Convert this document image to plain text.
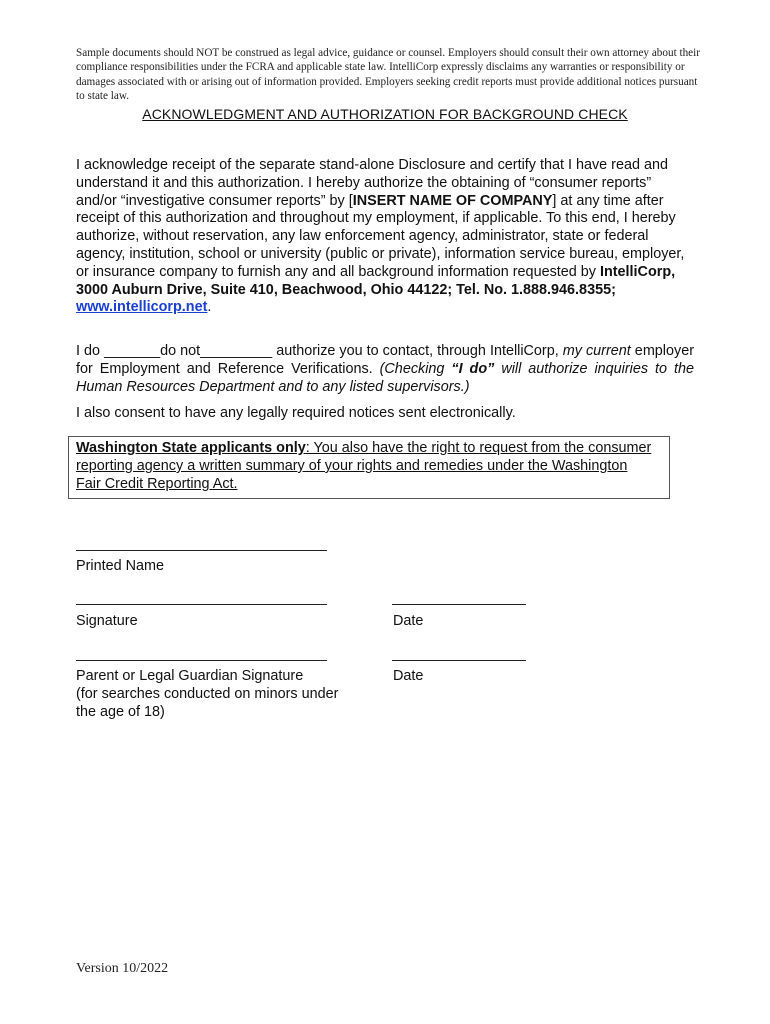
Sample documents should NOT be construed as legal advice, guidance or counsel. Employers should consult their own attorney about their compliance responsibilities under the FCRA and applicable state law. IntelliCorp expressly disclaims any warranties or responsibility or damages associated with or arising out of information provided. Employers seeking credit reports must provide additional notices pursuant to state law.
ACKNOWLEDGMENT AND AUTHORIZATION FOR BACKGROUND CHECK
I acknowledge receipt of the separate stand-alone Disclosure and certify that I have read and understand it and this authorization. I hereby authorize the obtaining of “consumer reports” and/or “investigative consumer reports” by [INSERT NAME OF COMPANY] at any time after receipt of this authorization and throughout my employment, if applicable. To this end, I hereby authorize, without reservation, any law enforcement agency, administrator, state or federal agency, institution, school or university (public or private), information service bureau, employer, or insurance company to furnish any and all background information requested by IntelliCorp, 3000 Auburn Drive, Suite 410, Beachwood, Ohio 44122; Tel. No. 1.888.946.8355; www.intellicorp.net.
I do _______do not_________ authorize you to contact, through IntelliCorp, my current employer for Employment and Reference Verifications. (Checking “I do” will authorize inquiries to the Human Resources Department and to any listed supervisors.)
I also consent to have any legally required notices sent electronically.
Washington State applicants only: You also have the right to request from the consumer reporting agency a written summary of your rights and remedies under the Washington Fair Credit Reporting Act.
Printed Name
Signature	Date
Parent or Legal Guardian Signature
(for searches conducted on minors under
the age of 18)
Date
Version 10/2022
